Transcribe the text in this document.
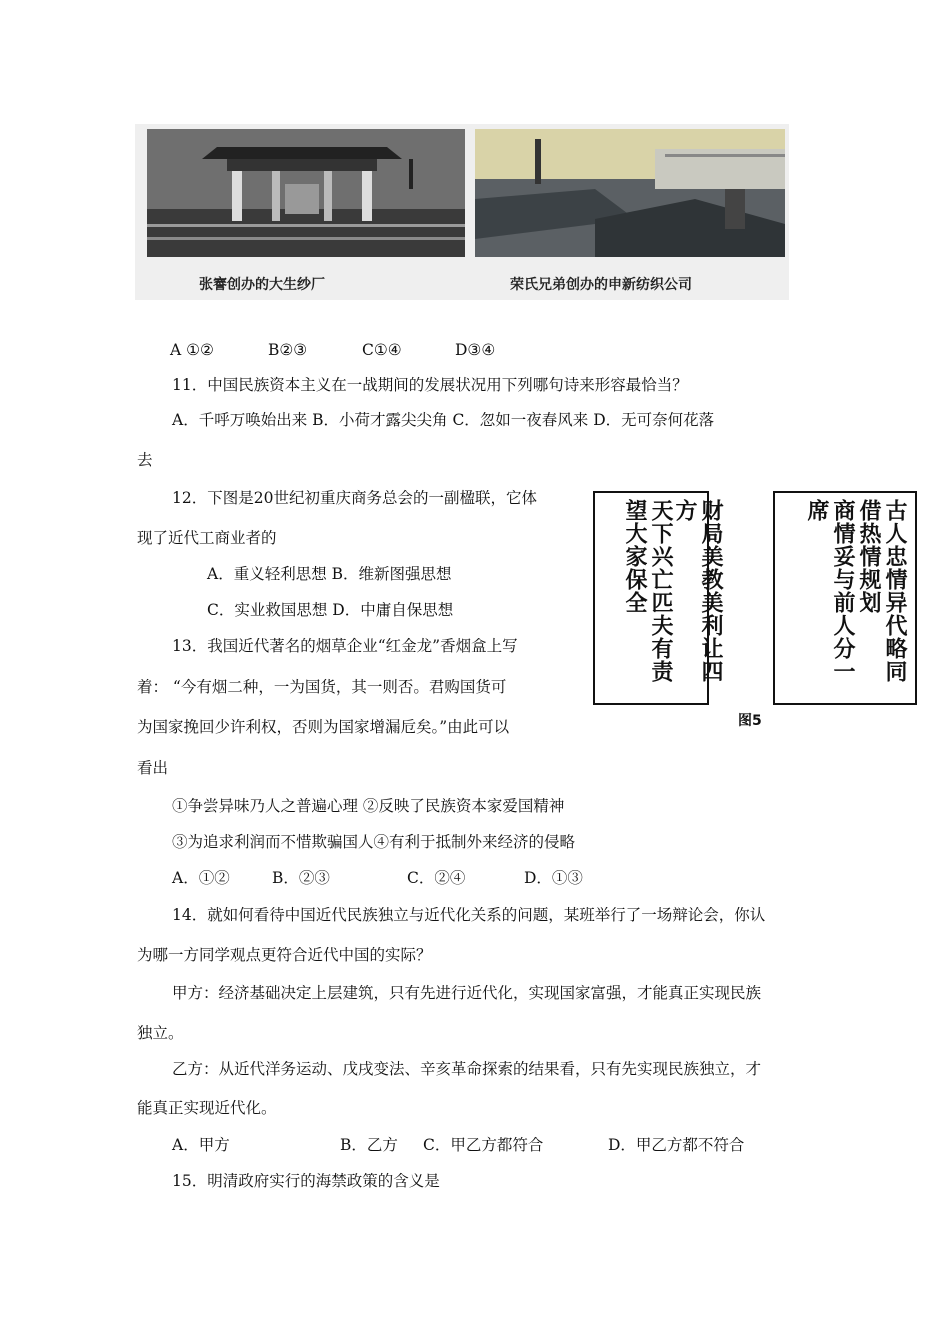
张謇创办的大生纱厂	荣氏兄弟创办的申新纺织公司
A ①②	B②③	C①④	D③④
11．中国民族资本主义在一战期间的发展状况用下列哪句诗来形容最恰当？
A．千呼万唤始出来 B．小荷才露尖尖角 C．忽如一夜春风来 D．无可奈何花落
去
12．下图是20世纪初重庆商务总会的一副楹联，它体
现了近代工商业者的
A．重义轻利思想 B．维新图强思想
C．实业救国思想 D．中庸自保思想	天下兴亡匹夫有责望大家保全	财局美教美利让四方	商情妥与前人分一席	古人忠情异代略同借热情规划
图5
13．我国近代著名的烟草企业“红金龙”香烟盒上写
着： “今有烟二种，一为国货，其一则否。君购国货可
为国家挽回少许利权，否则为国家增漏卮矣。”由此可以
看出
①争尝异味乃人之普遍心理 ②反映了民族资本家爱国精神
③为追求利润而不惜欺骗国人④有利于抵制外来经济的侵略
A．①②	B．②③	C．②④	D．①③
14．就如何看待中国近代民族独立与近代化关系的问题，某班举行了一场辩论会，你认
为哪一方同学观点更符合近代中国的实际？
甲方：经济基础决定上层建筑，只有先进行近代化，实现国家富强，才能真正实现民族
独立。
乙方：从近代洋务运动、戊戌变法、辛亥革命探索的结果看，只有先实现民族独立，才
能真正实现近代化。
A．甲方	B．乙方 C．甲乙方都符合	D．甲乙方都不符合
15．明清政府实行的海禁政策的含义是
